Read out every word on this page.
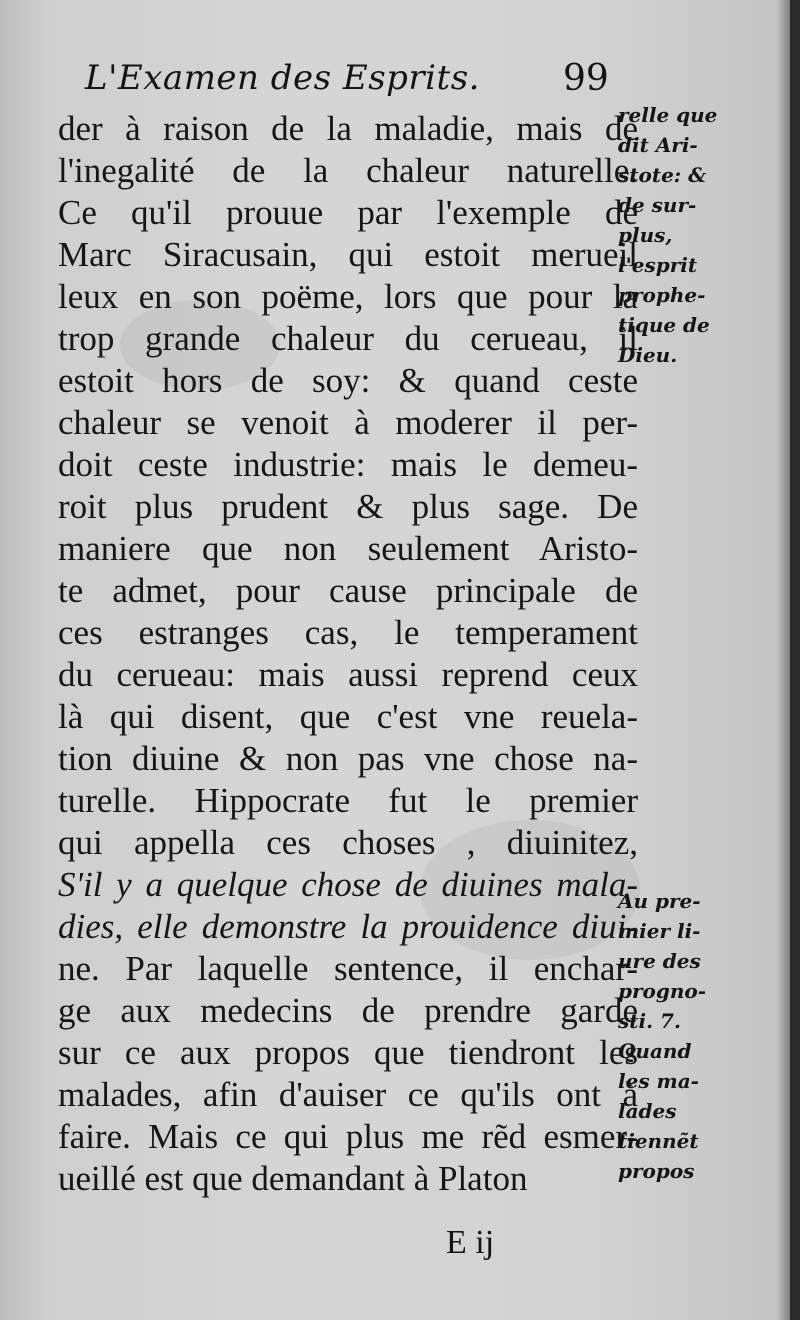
L'Examen des Esprits. 99
der à raison de la maladie, mais de
l'inegalité de la chaleur naturelle.
Ce qu'il prouue par l'exemple de
Marc Siracusain, qui estoit merueil
leux en son poëme, lors que pour la
trop grande chaleur du cerueau, il
estoit hors de soy: & quand ceste
chaleur se venoit à moderer il per-
doit ceste industrie: mais le demeu-
roit plus prudent & plus sage. De
maniere que non seulement Aristo-
te admet, pour cause principale de
ces estranges cas, le temperament
du cerueau: mais aussi reprend ceux
là qui disent, que c'est vne reuela-
tion diuine & non pas vne chose na-
turelle. Hippocrate fut le premier
qui appella ces choses , diuinitez,
S'il y a quelque chose de diuines mala-
dies, elle demonstre la prouidence diui-
ne. Par laquelle sentence, il enchar-
ge aux medecins de prendre garde
sur ce aux propos que tiendront les
malades, afin d'auiser ce qu'ils ont à
faire. Mais ce qui plus me rẽd esmer-
ueillé est que demandant à Platon
relle que
dit Ari-
stote: &
de sur-
plus,
l'esprit
prophe-
tique de
Dieu.
Au pre-
mier li-
ure des
progno-
sti. 7.
Quand
les ma-
lades
tiennẽt
propos
E ij
